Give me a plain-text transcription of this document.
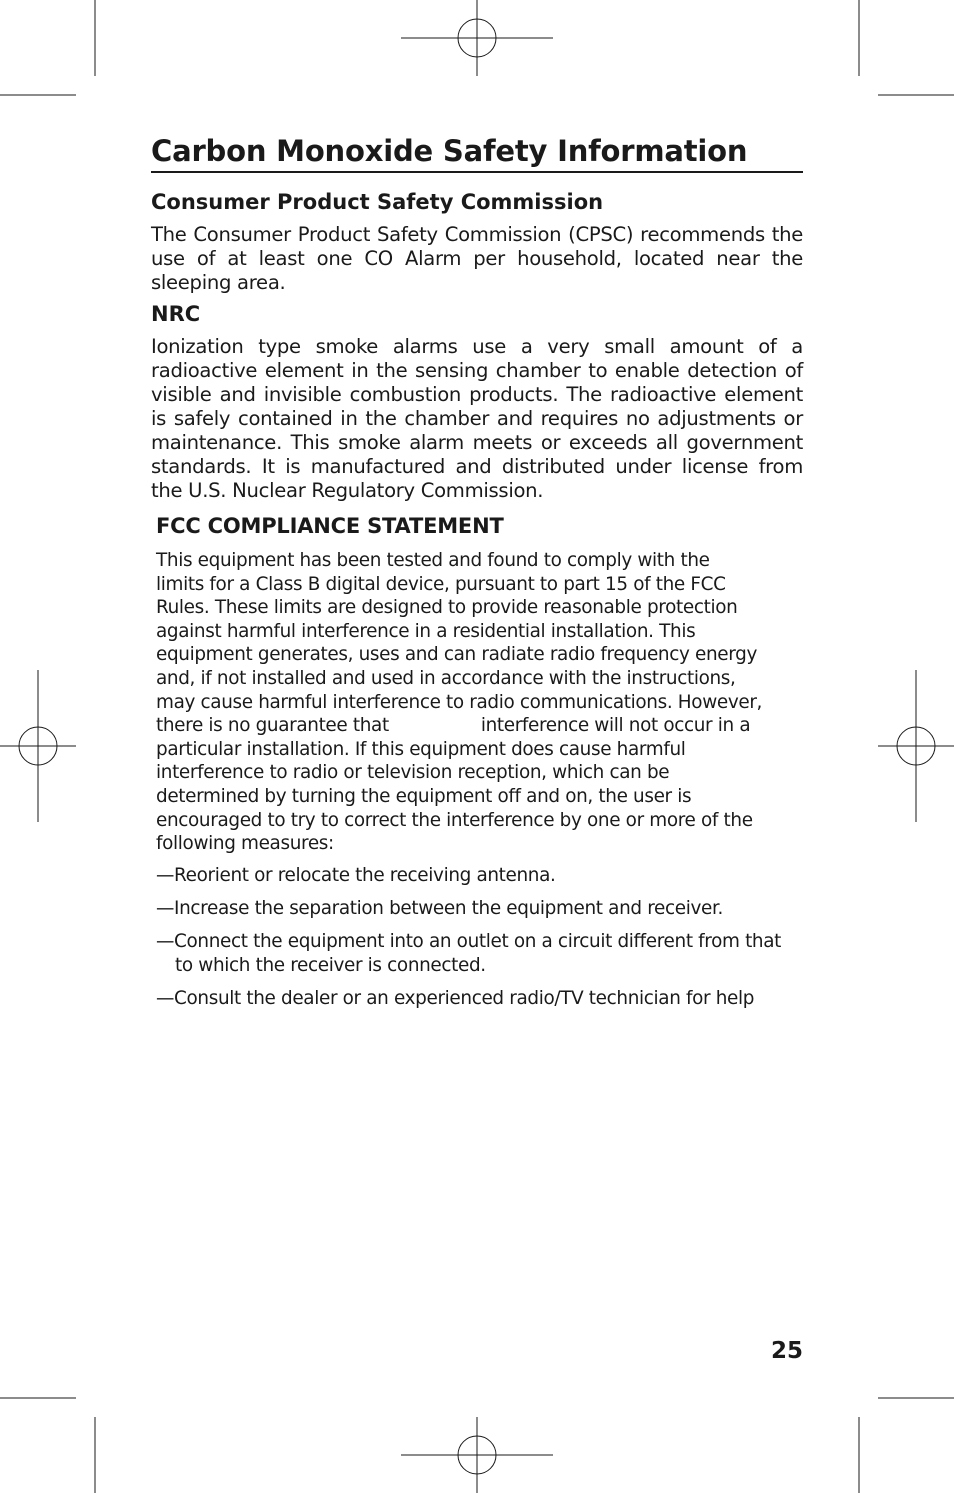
Carbon Monoxide Safety Information
Consumer Product Safety Commission

The Consumer Product Safety Commission (CPSC) recommends the use of at least one CO Alarm per household, located near the sleeping area.

NRC

Ionization type smoke alarms use a very small amount of a radioactive element in the sensing chamber to enable detection of visible and invisible combustion products. The radioactive element is safely contained in the chamber and requires no adjustments or maintenance. This smoke alarm meets or exceeds all government standards. It is manufactured and distributed under license from the U.S. Nuclear Regulatory Commission.

FCC COMPLIANCE STATEMENT

This equipment has been tested and found to comply with the
limits for a Class B digital device, pursuant to part 15 of the FCC
Rules. These limits are designed to provide reasonable protection
against harmful interference in a residential installation. This
equipment generates, uses and can radiate radio frequency energy
and, if not installed and used in accordance with the instructions,
may cause harmful interference to radio communications. However,
there is no guarantee that	interference will not occur in a
particular installation. If this equipment does cause harmful
interference to radio or television reception, which can be
determined by turning the equipment off and on, the user is
encouraged to try to correct the interference by one or more of the
following measures:

—Reorient or relocate the receiving antenna.
—Increase the separation between the equipment and receiver.
—Connect the equipment into an outlet on a circuit different from that to which the receiver is connected.
—Consult the dealer or an experienced radio/TV technician for help

25
